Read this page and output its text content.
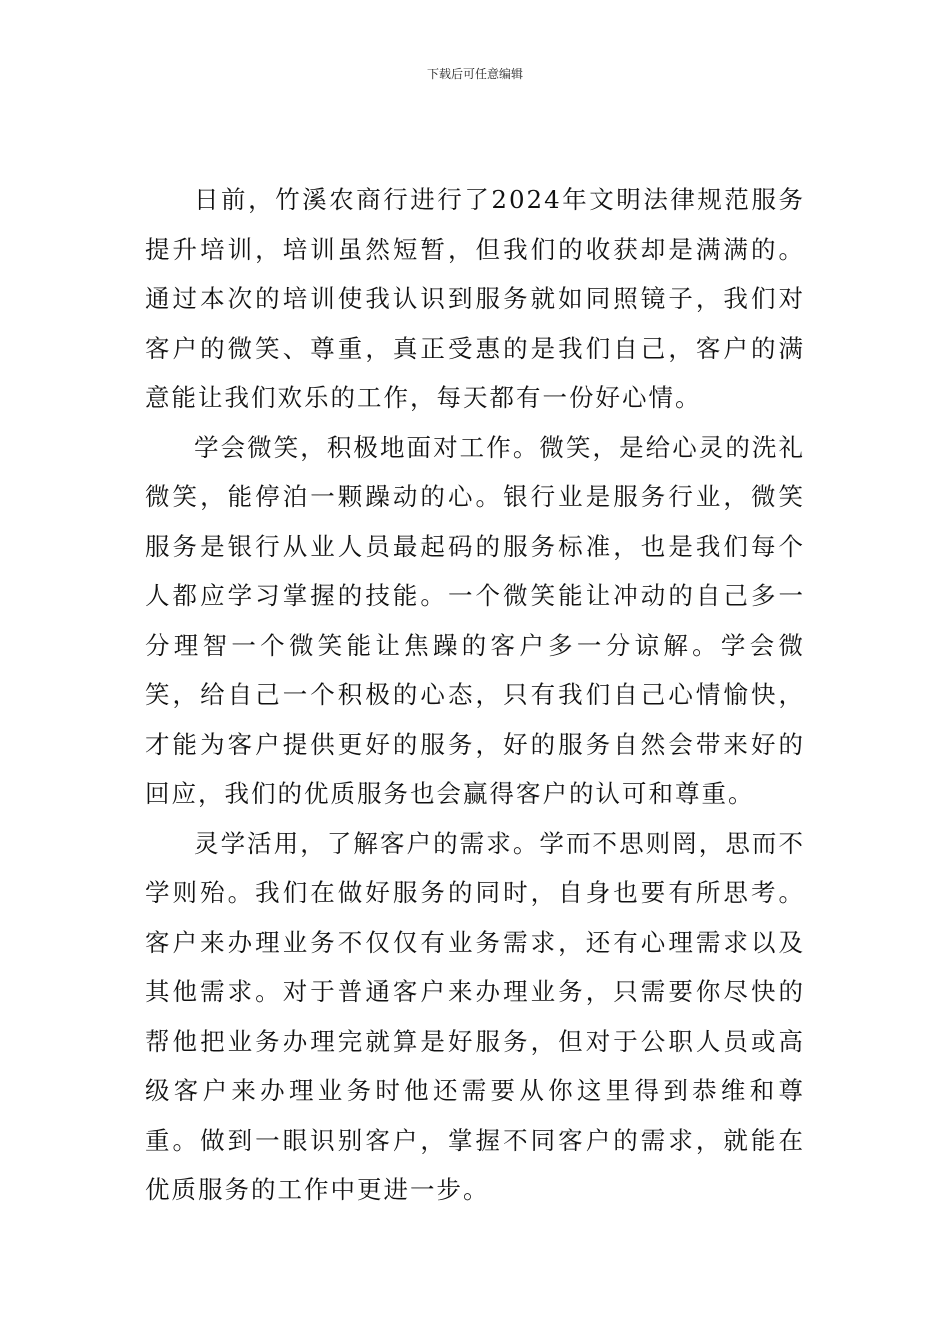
下载后可任意编辑

日前，竹溪农商行进行了2024年文明法律规范服务提升培训，培训虽然短暂，但我们的收获却是满满的。通过本次的培训使我认识到服务就如同照镜子，我们对客户的微笑、尊重，真正受惠的是我们自己，客户的满意能让我们欢乐的工作，每天都有一份好心情。

学会微笑，积极地面对工作。微笑，是给心灵的洗礼微笑，能停泊一颗躁动的心。银行业是服务行业，微笑服务是银行从业人员最起码的服务标准，也是我们每个人都应学习掌握的技能。一个微笑能让冲动的自己多一分理智一个微笑能让焦躁的客户多一分谅解。学会微笑，给自己一个积极的心态，只有我们自己心情愉快，才能为客户提供更好的服务，好的服务自然会带来好的回应，我们的优质服务也会赢得客户的认可和尊重。

灵学活用，了解客户的需求。学而不思则罔，思而不学则殆。我们在做好服务的同时，自身也要有所思考。客户来办理业务不仅仅有业务需求，还有心理需求以及其他需求。对于普通客户来办理业务，只需要你尽快的帮他把业务办理完就算是好服务，但对于公职人员或高级客户来办理业务时他还需要从你这里得到恭维和尊重。做到一眼识别客户，掌握不同客户的需求，就能在优质服务的工作中更进一步。
